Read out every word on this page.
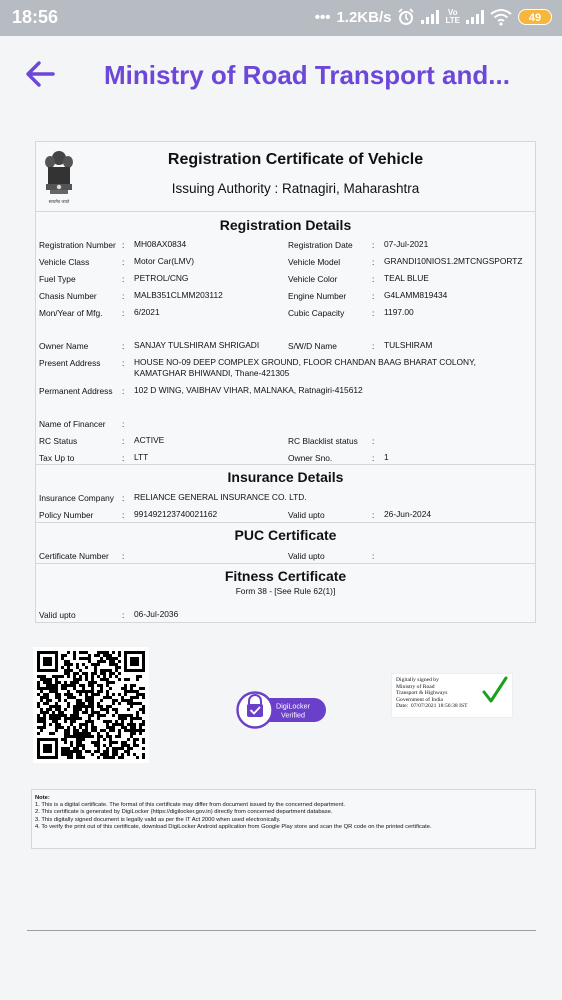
18:56	••• 1.2KB/s	Vo
LTE	49
Ministry of Road Transport and...
सत्यमेव जयते
Registration Certificate of Vehicle
Issuing Authority : Ratnagiri, Maharashtra
Registration Details
Registration Number : MH08AX0834	Registration Date : 07-Jul-2021
Vehicle Class	: Motor Car(LMV)	Vehicle Model	: GRANDI10NIOS1.2MTCNGSPORTZ
Fuel Type	: PETROL/CNG	Vehicle Color	: TEAL BLUE
Chasis Number	: MALB351CLMM203112	Engine Number	: G4LAMM819434
Mon/Year of Mfg. : 6/2021	Cubic Capacity	: 1197.00
Owner Name	: SANJAY TULSHIRAM SHRIGADI	S/W/D Name	: TULSHIRAM
Present Address	: HOUSE NO-09 DEEP COMPLEX GROUND, FLOOR CHANDAN BAAG BHARAT COLONY,
KAMATGHAR BHIWANDI, Thane-421305
Permanent Address : 102 D WING, VAIBHAV VIHAR, MALNAKA, Ratnagiri-415612
Name of Financer :
RC Status	: ACTIVE	RC Blacklist status :
Tax Up to	: LTT	Owner Sno.	: 1
Insurance Details
Insurance Company : RELIANCE GENERAL INSURANCE CO. LTD.
Policy Number	: 991492123740021162	Valid upto	: 26-Jun-2024
PUC Certificate
Certificate Number :	Valid upto	:
Fitness Certificate
Form 38 - [See Rule 62(1)]
Valid upto	: 06-Jul-2036
DigiLocker
Verified
Digitally signed by
Ministry of Road
Transport & Highways
Government of India
Date: 07/07/2021 18:56:38 IST
Note:
1. This is a digital certificate. The format of this certificate may differ from document issued by the concerned department.
2. This certificate is generated by DigiLocker (https://digilocker.gov.in) directly from concerned department database.
3. This digitally signed document is legally valid as per the IT Act 2000 when used electronically.
4. To verify the print out of this certificate, download DigiLocker Android application from Google Play store and scan the QR code on the printed certificate.
